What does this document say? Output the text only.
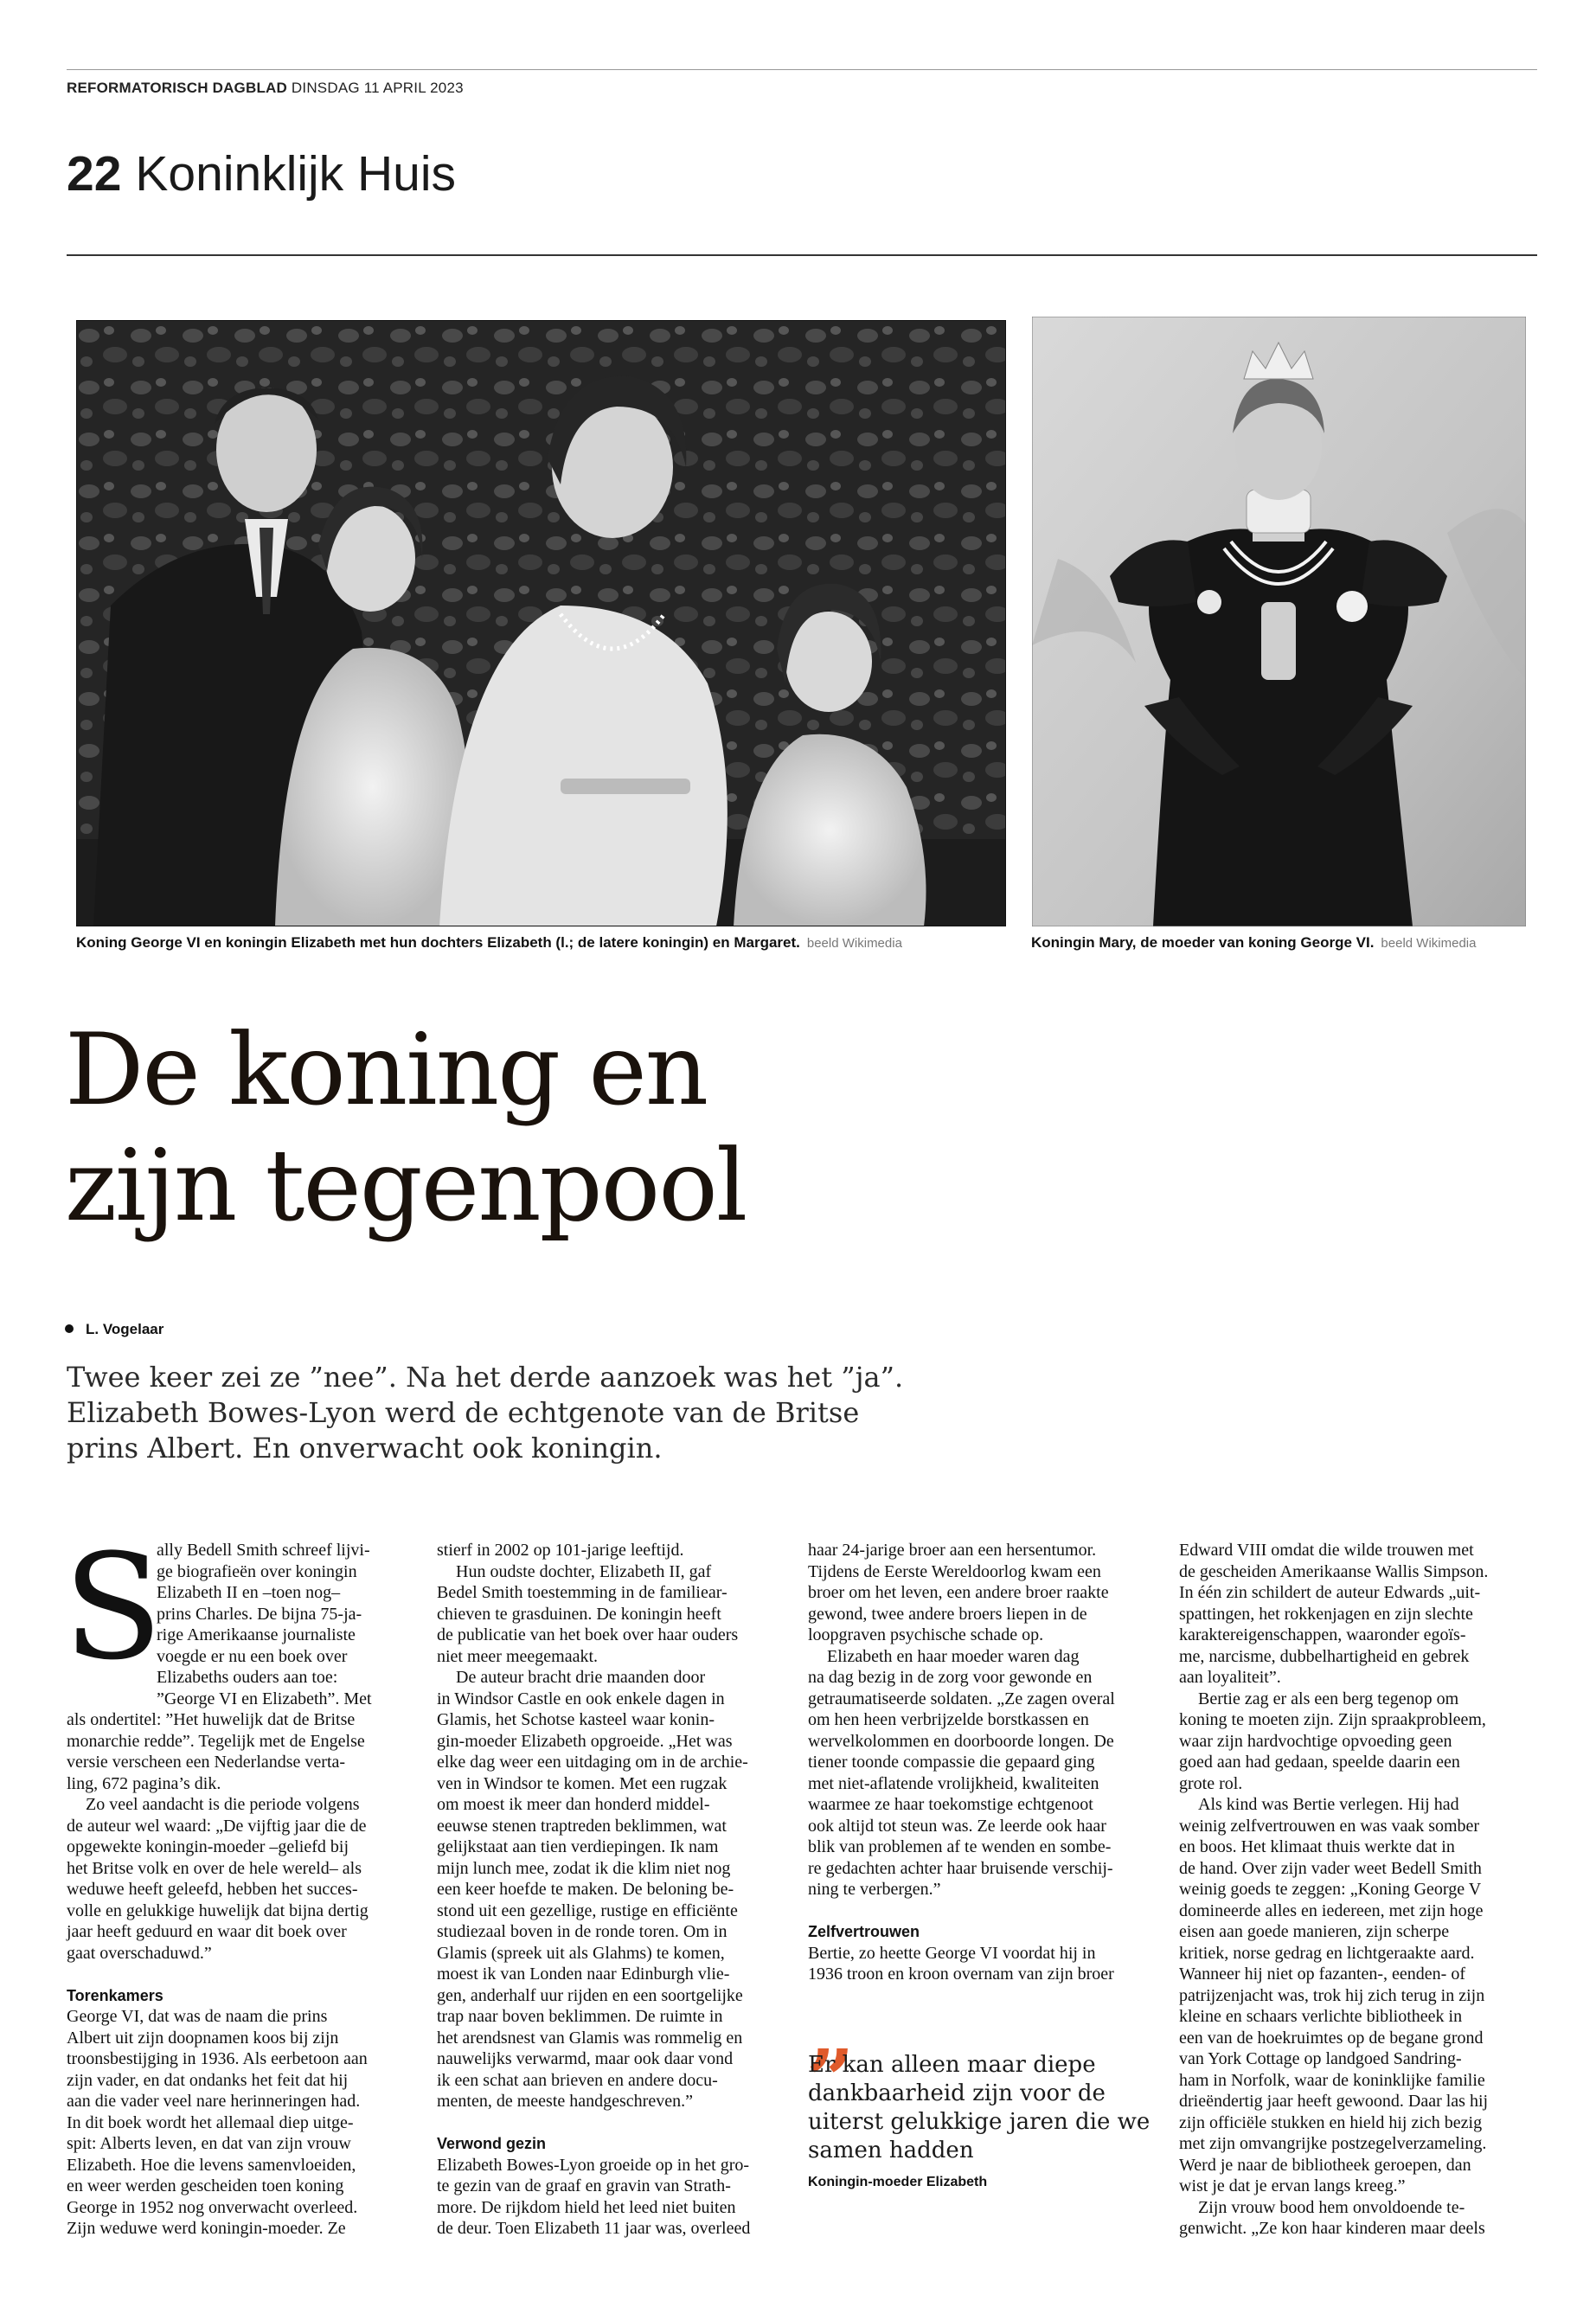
REFORMATORISCH DAGBLAD DINSDAG 11 APRIL 2023
22 Koninklijk Huis
Koning George VI en koningin Elizabeth met hun dochters Elizabeth (l.; de latere koningin) en Margaret. beeld Wikimedia	Koningin Mary, de moeder van koning George VI. beeld Wikimedia
De koning en
zijn tegenpool
L. Vogelaar
Twee keer zei ze ”nee”. Na het derde aanzoek was het ”ja”.
Elizabeth Bowes-Lyon werd de echtgenote van de Britse
prins Albert. En onverwacht ook koningin.
S
ally Bedell Smith schreef lijvi-
ge biografieën over koningin
Elizabeth II en –toen nog–
prins Charles. De bijna 75-ja-
rige Amerikaanse journaliste
voegde er nu een boek over
Elizabeths ouders aan toe:
”George VI en Elizabeth”. Met
als ondertitel: ”Het huwelijk dat de Britse
monarchie redde”. Tegelijk met de Engelse
versie verscheen een Nederlandse verta-
ling, 672 pagina’s dik.
Zo veel aandacht is die periode volgens
de auteur wel waard: „De vijftig jaar die de
opgewekte koningin-moeder –geliefd bij
het Britse volk en over de hele wereld– als
weduwe heeft geleefd, hebben het succes-
volle en gelukkige huwelijk dat bijna dertig
jaar heeft geduurd en waar dit boek over
gaat overschaduwd.”
Torenkamers
George VI, dat was de naam die prins
Albert uit zijn doopnamen koos bij zijn
troonsbestijging in 1936. Als eerbetoon aan
zijn vader, en dat ondanks het feit dat hij
aan die vader veel nare herinneringen had.
In dit boek wordt het allemaal diep uitge-
spit: Alberts leven, en dat van zijn vrouw
Elizabeth. Hoe die levens samenvloeiden,
en weer werden gescheiden toen koning
George in 1952 nog onverwacht overleed.
Zijn weduwe werd koningin-moeder. Ze
stierf in 2002 op 101-jarige leeftijd.
Hun oudste dochter, Elizabeth II, gaf
Bedel Smith toestemming in de familiear-
chieven te grasduinen. De koningin heeft
de publicatie van het boek over haar ouders
niet meer meegemaakt.
De auteur bracht drie maanden door
in Windsor Castle en ook enkele dagen in
Glamis, het Schotse kasteel waar konin-
gin-moeder Elizabeth opgroeide. „Het was
elke dag weer een uitdaging om in de archie-
ven in Windsor te komen. Met een rugzak
om moest ik meer dan honderd middel-
eeuwse stenen traptreden beklimmen, wat
gelijkstaat aan tien verdiepingen. Ik nam
mijn lunch mee, zodat ik die klim niet nog
een keer hoefde te maken. De beloning be-
stond uit een gezellige, rustige en efficiënte
studiezaal boven in de ronde toren. Om in
Glamis (spreek uit als Glahms) te komen,
moest ik van Londen naar Edinburgh vlie-
gen, anderhalf uur rijden en een soortgelijke
trap naar boven beklimmen. De ruimte in
het arendsnest van Glamis was rommelig en
nauwelijks verwarmd, maar ook daar vond
ik een schat aan brieven en andere docu-
menten, de meeste handgeschreven.”
Verwond gezin
Elizabeth Bowes-Lyon groeide op in het gro-
te gezin van de graaf en gravin van Strath-
more. De rijkdom hield het leed niet buiten
de deur. Toen Elizabeth 11 jaar was, overleed
haar 24-jarige broer aan een hersentumor.
Tijdens de Eerste Wereldoorlog kwam een
broer om het leven, een andere broer raakte
gewond, twee andere broers liepen in de
loopgraven psychische schade op.
Elizabeth en haar moeder waren dag
na dag bezig in de zorg voor gewonde en
getraumatiseerde soldaten. „Ze zagen overal
om hen heen verbrijzelde borstkassen en
wervelkolommen en doorboorde longen. De
tiener toonde compassie die gepaard ging
met niet-aflatende vrolijkheid, kwaliteiten
waarmee ze haar toekomstige echtgenoot
ook altijd tot steun was. Ze leerde ook haar
blik van problemen af te wenden en sombe-
re gedachten achter haar bruisende verschij-
ning te verbergen.”
Zelfvertrouwen
Bertie, zo heette George VI voordat hij in
1936 troon en kroon overnam van zijn broer
„
Er kan alleen maar diepe
dankbaarheid zijn voor de
uiterst gelukkige jaren die we
samen hadden
Koningin-moeder Elizabeth
Edward VIII omdat die wilde trouwen met
de gescheiden Amerikaanse Wallis Simpson.
In één zin schildert de auteur Edwards „uit-
spattingen, het rokkenjagen en zijn slechte
karaktereigenschappen, waaronder egoïs-
me, narcisme, dubbelhartigheid en gebrek
aan loyaliteit”.
Bertie zag er als een berg tegenop om
koning te moeten zijn. Zijn spraakprobleem,
waar zijn hardvochtige opvoeding geen
goed aan had gedaan, speelde daarin een
grote rol.
Als kind was Bertie verlegen. Hij had
weinig zelfvertrouwen en was vaak somber
en boos. Het klimaat thuis werkte dat in
de hand. Over zijn vader weet Bedell Smith
weinig goeds te zeggen: „Koning George V
domineerde alles en iedereen, met zijn hoge
eisen aan goede manieren, zijn scherpe
kritiek, norse gedrag en lichtgeraakte aard.
Wanneer hij niet op fazanten-, eenden- of
patrijzenjacht was, trok hij zich terug in zijn
kleine en schaars verlichte bibliotheek in
een van de hoekruimtes op de begane grond
van York Cottage op landgoed Sandring-
ham in Norfolk, waar de koninklijke familie
drieëndertig jaar heeft gewoond. Daar las hij
zijn officiële stukken en hield hij zich bezig
met zijn omvangrijke postzegelverzameling.
Werd je naar de bibliotheek geroepen, dan
wist je dat je ervan langs kreeg.”
Zijn vrouw bood hem onvoldoende te-
genwicht. „Ze kon haar kinderen maar deels
